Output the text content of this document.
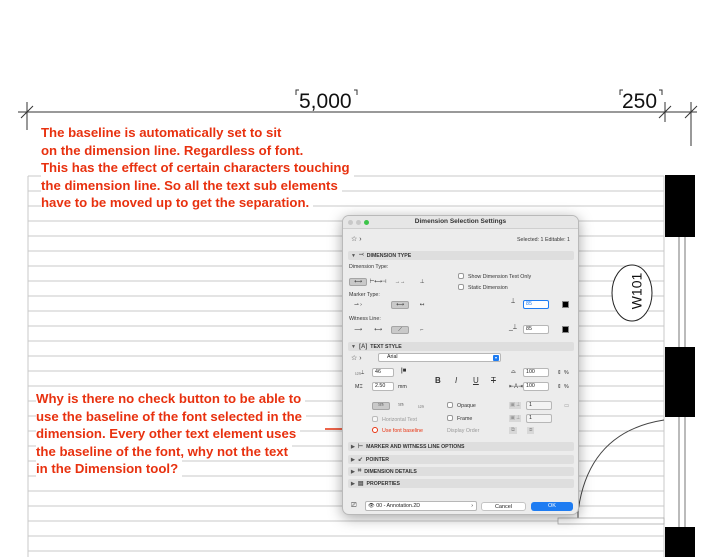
5,000	250
W101
The baseline is automatically set to sit
on the dimension line. Regardless of font.
This has the effect of certain characters touching
the dimension line. So all the text sub elements
have to be moved up to get the separation.
Why is there no check button to be able to
use the baseline of the font selected in the
dimension. Every other text element uses
the baseline of the font, why not the text
in the Dimension tool?
Dimension Selection Settings
☆ ›	Selected: 1 Editable: 1
▼ ⤙ DIMENSION TYPE
Dimension Type:
⟷	⊢⟷⊣	→→	⊥
Show Dimension Text Only
Static Dimension
Marker Type:
⊸ ›	⟷	↤	⟘	85
Witness Line:
⟶	⟷	⟋	⌐	_⟘	85
▼ [A] TEXT STYLE
☆ ›	Arial	▾
₁₂₅⟘	46	|■
M⌶	2.50	mm
B I U T
⌓	100	⇕ %
⇤A⇥ 100	⇕ %
¹²⁵	¹²⁵	₁₂₅
Horizontal Text
Use font baseline
Opaque
Frame
Display Order
▣ ⟘	1	▭
▣ ⟘	1
⧉	⧈
▶ ⊢ MARKER AND WITNESS LINE OPTIONS
▶ ↙ POINTER
▶ ⌗ DIMENSION DETAILS
▶ ▤ PROPERTIES
⎚	👁 00 - Annotation.2D	›	Cancel	OK
